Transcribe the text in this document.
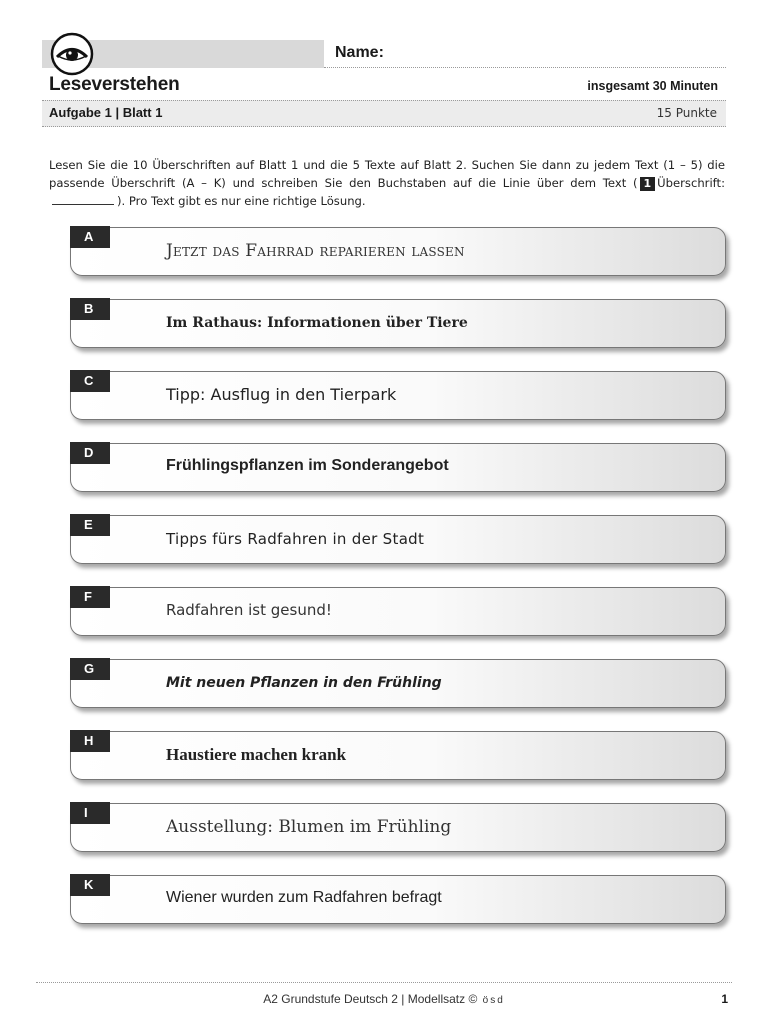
Name:
Leseverstehen	insgesamt 30 Minuten
Aufgabe 1 | Blatt 1	15 Punkte
Lesen Sie die 10 Überschriften auf Blatt 1 und die 5 Texte auf Blatt 2. Suchen Sie dann zu jedem Text (1 – 5) die passende Überschrift (A – K) und schreiben Sie den Buchstaben auf die Linie über dem Text ( 1 Überschrift:). Pro Text gibt es nur eine richtige Lösung.
A
Jetzt das Fahrrad reparieren lassen
B
Im Rathaus: Informationen über Tiere
C
Tipp: Ausflug in den Tierpark
D
Frühlingspflanzen im Sonderangebot
E
Tipps fürs Radfahren in der Stadt
F
Radfahren ist gesund!
G
Mit neuen Pflanzen in den Frühling
H
Haustiere machen krank
I
Ausstellung: Blumen im Frühling
K
Wiener wurden zum Radfahren befragt
A2 Grundstufe Deutsch 2 | Modellsatz © ösd	1
